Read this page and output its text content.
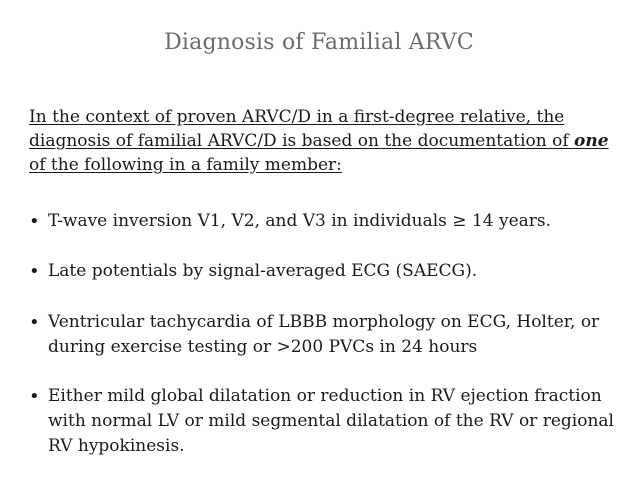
Diagnosis of Familial ARVC
In the context of proven ARVC/D in a first-degree relative, the diagnosis of familial ARVC/D is based on the documentation of one of the following in a family member:
• T-wave inversion V1, V2, and V3 in individuals ≥ 14 years.
• Late potentials by signal-averaged ECG (SAECG).
• Ventricular tachycardia of LBBB morphology on ECG, Holter, or during exercise testing or >200 PVCs in 24 hours
• Either mild global dilatation or reduction in RV ejection fraction with normal LV or mild segmental dilatation of the RV or regional RV hypokinesis.
